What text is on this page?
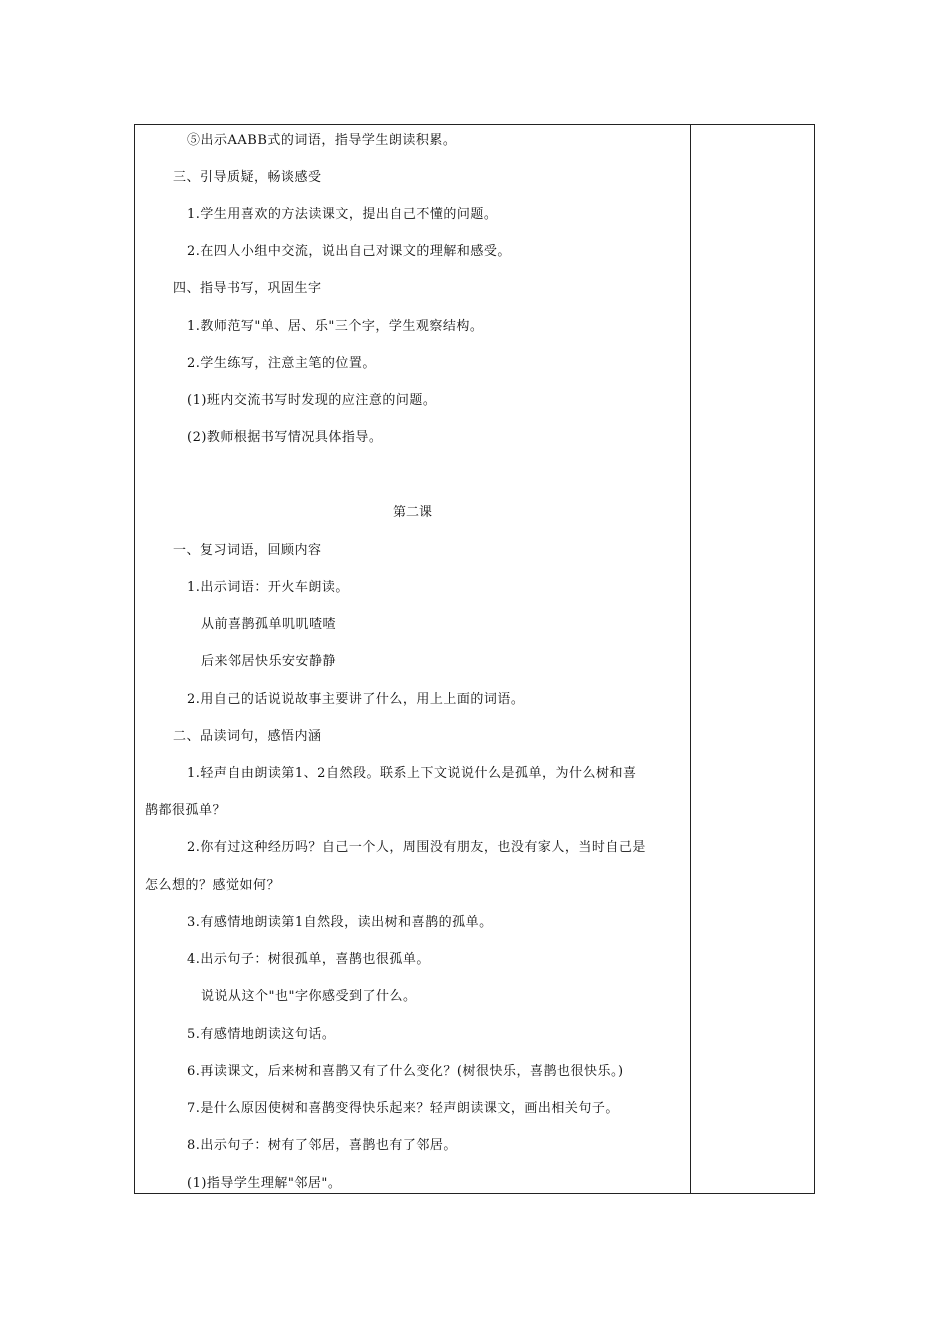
⑤出示AABB式的词语，指导学生朗读积累。
三、引导质疑，畅谈感受
1.学生用喜欢的方法读课文，提出自己不懂的问题。
2.在四人小组中交流，说出自己对课文的理解和感受。
四、指导书写，巩固生字
1.教师范写"单、居、乐"三个字，学生观察结构。
2.学生练写，注意主笔的位置。
(1)班内交流书写时发现的应注意的问题。
(2)教师根据书写情况具体指导。
第二课
一、复习词语，回顾内容
1.出示词语：开火车朗读。
从前喜鹊孤单叽叽喳喳
后来邻居快乐安安静静
2.用自己的话说说故事主要讲了什么，用上上面的词语。
二、品读词句，感悟内涵
1.轻声自由朗读第1、2自然段。联系上下文说说什么是孤单，为什么树和喜
鹊都很孤单？
2.你有过这种经历吗？自己一个人，周围没有朋友，也没有家人，当时自己是
怎么想的？感觉如何？
3.有感情地朗读第1自然段，读出树和喜鹊的孤单。
4.出示句子：树很孤单，喜鹊也很孤单。
说说从这个"也"字你感受到了什么。
5.有感情地朗读这句话。
6.再读课文，后来树和喜鹊又有了什么变化？(树很快乐，喜鹊也很快乐。)
7.是什么原因使树和喜鹊变得快乐起来？轻声朗读课文，画出相关句子。
8.出示句子：树有了邻居，喜鹊也有了邻居。
(1)指导学生理解"邻居"。
